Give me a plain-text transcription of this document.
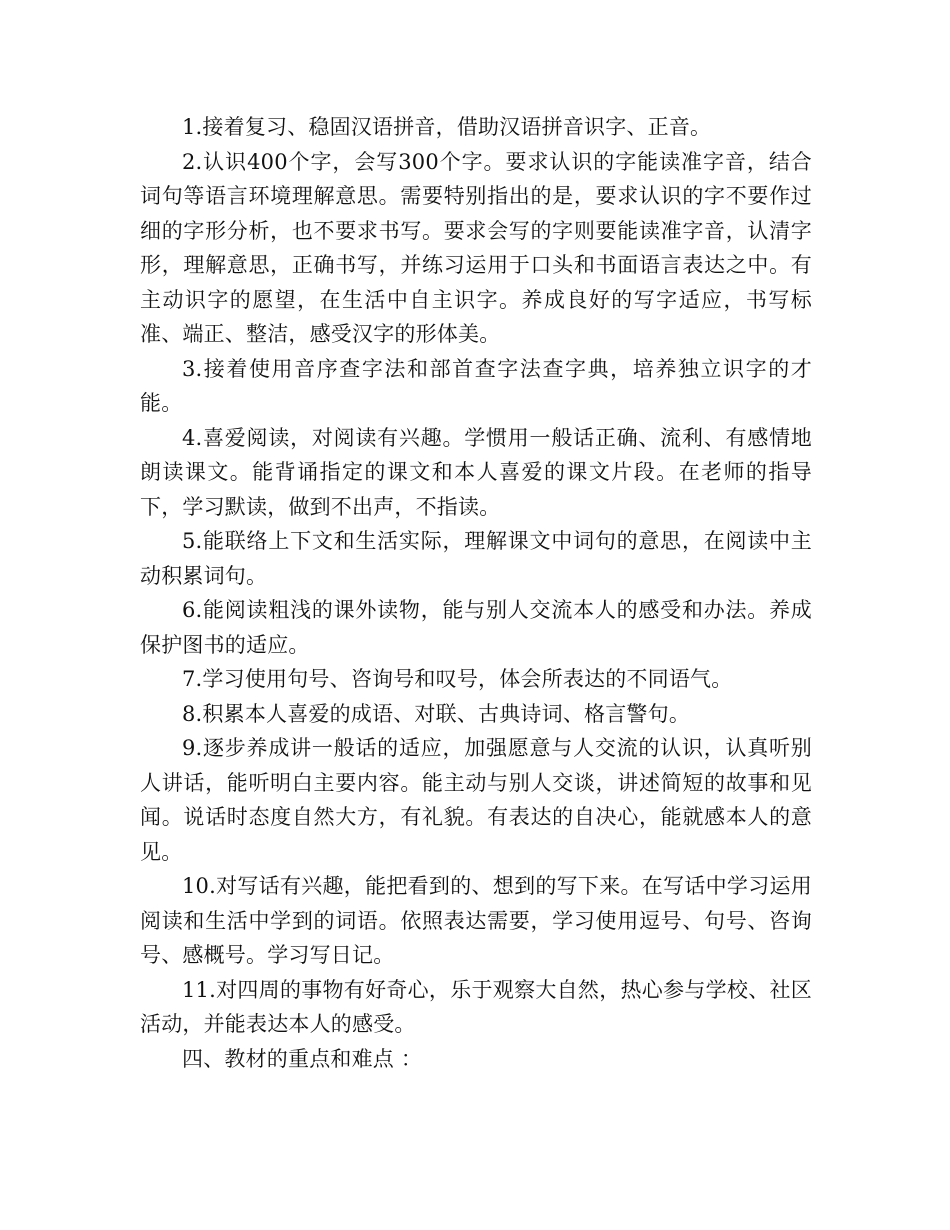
1.接着复习、稳固汉语拼音，借助汉语拼音识字、正音。

2.认识400个字，会写300个字。要求认识的字能读准字音，结合词句等语言环境理解意思。需要特别指出的是，要求认识的字不要作过细的字形分析，也不要求书写。要求会写的字则要能读准字音，认清字形，理解意思，正确书写，并练习运用于口头和书面语言表达之中。有主动识字的愿望，在生活中自主识字。养成良好的写字适应，书写标准、端正、整洁，感受汉字的形体美。

3.接着使用音序查字法和部首查字法查字典，培养独立识字的才能。

4.喜爱阅读，对阅读有兴趣。学惯用一般话正确、流利、有感情地朗读课文。能背诵指定的课文和本人喜爱的课文片段。在老师的指导下，学习默读，做到不出声，不指读。

5.能联络上下文和生活实际，理解课文中词句的意思，在阅读中主动积累词句。

6.能阅读粗浅的课外读物，能与别人交流本人的感受和办法。养成保护图书的适应。

7.学习使用句号、咨询号和叹号，体会所表达的不同语气。

8.积累本人喜爱的成语、对联、古典诗词、格言警句。

9.逐步养成讲一般话的适应，加强愿意与人交流的认识，认真听别人讲话，能听明白主要内容。能主动与别人交谈，讲述简短的故事和见闻。说话时态度自然大方，有礼貌。有表达的自决心，能就感本人的意见。

10.对写话有兴趣，能把看到的、想到的写下来。在写话中学习运用阅读和生活中学到的词语。依照表达需要，学习使用逗号、句号、咨询号、感概号。学习写日记。

11.对四周的事物有好奇心，乐于观察大自然，热心参与学校、社区活动，并能表达本人的感受。

四、教材的重点和难点 ：
